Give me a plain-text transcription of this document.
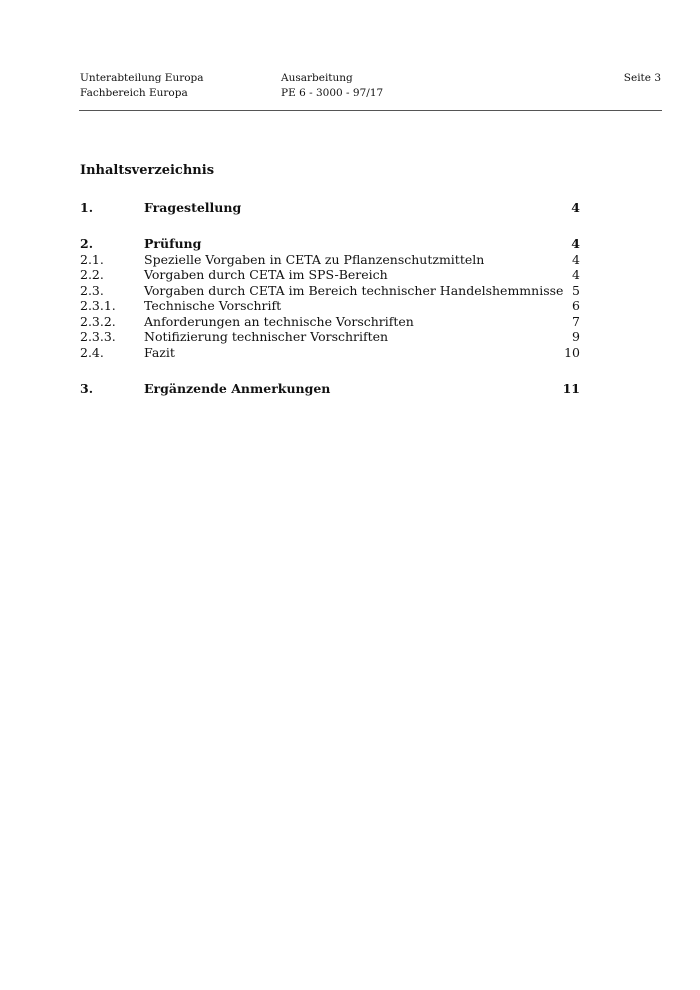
Unterabteilung Europa
Fachbereich Europa
Ausarbeitung
PE 6 - 3000 - 97/17
Seite 3
Inhaltsverzeichnis
1.	Fragestellung	4
2.	Prüfung	4
2.1.	Spezielle Vorgaben in CETA zu Pflanzenschutzmitteln	4
2.2.	Vorgaben durch CETA im SPS-Bereich	4
2.3.	Vorgaben durch CETA im Bereich technischer Handelshemmnisse 5
2.3.1. Technische Vorschrift	6
2.3.2. Anforderungen an technische Vorschriften	7
2.3.3. Notifizierung technischer Vorschriften	9
2.4.	Fazit	10
3.	Ergänzende Anmerkungen	11
